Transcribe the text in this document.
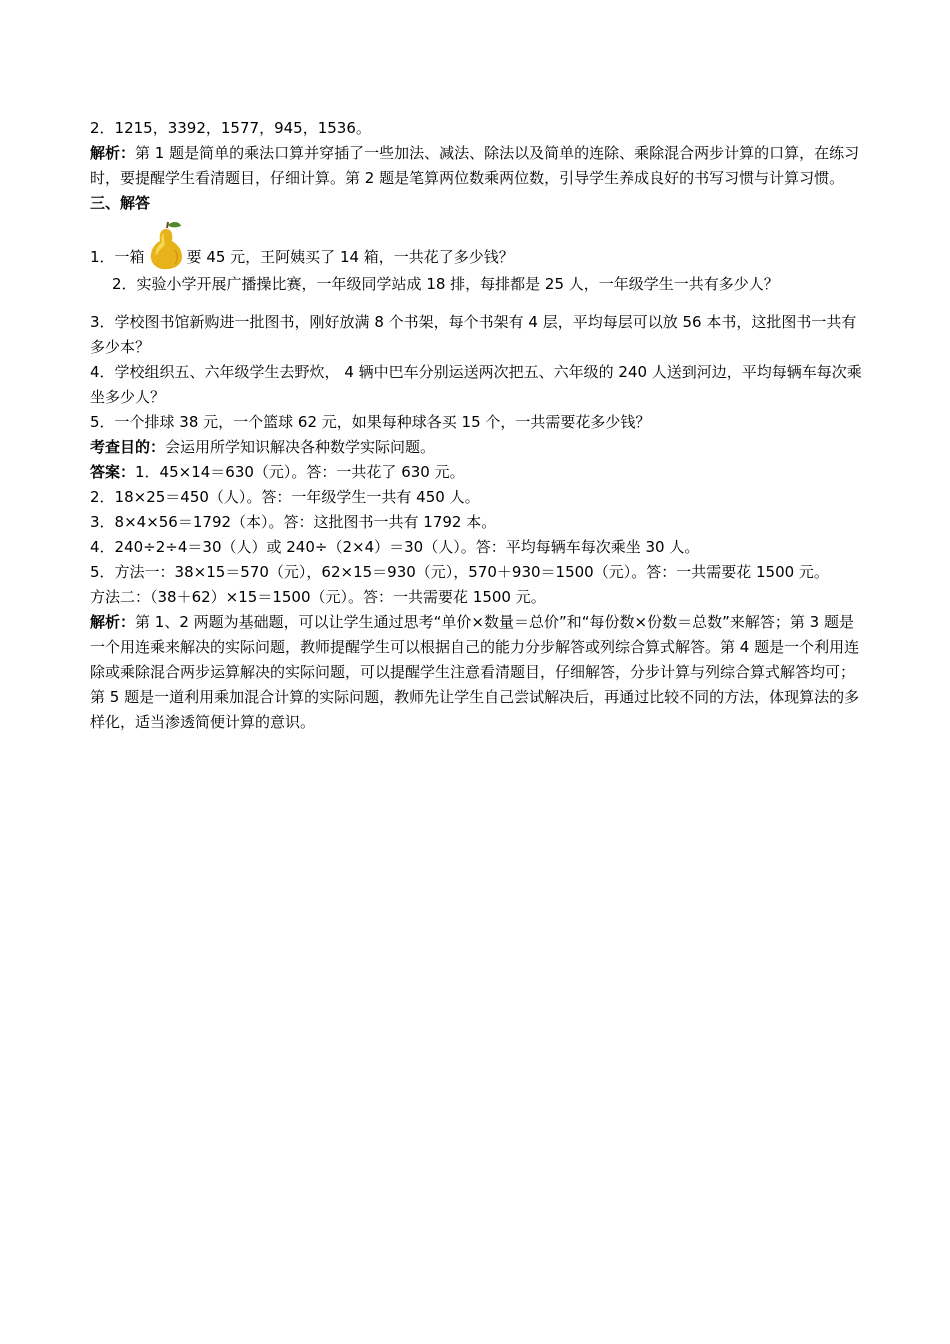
2．1215，3392，1577，945，1536。
解析：第 1 题是简单的乘法口算并穿插了一些加法、减法、除法以及简单的连除、乘除混合两步计算的口算，在练习时，要提醒学生看清题目，仔细计算。第 2 题是笔算两位数乘两位数，引导学生养成良好的书写习惯与计算习惯。
三、解答
1．一箱	要 45 元，王阿姨买了 14 箱，一共花了多少钱？
2．实验小学开展广播操比赛，一年级同学站成 18 排，每排都是 25 人，一年级学生一共有多少人？
3．学校图书馆新购进一批图书，刚好放满 8 个书架，每个书架有 4 层，平均每层可以放 56 本书，这批图书一共有多少本？
4．学校组织五、六年级学生去野炊， 4 辆中巴车分别运送两次把五、六年级的 240 人送到河边，平均每辆车每次乘坐多少人？
5．一个排球 38 元，一个篮球 62 元，如果每种球各买 15 个，一共需要花多少钱？
考查目的：会运用所学知识解决各种数学实际问题。
答案：1．45×14＝630（元）。答：一共花了 630 元。
2．18×25＝450（人）。答：一年级学生一共有 450 人。
3．8×4×56＝1792（本）。答：这批图书一共有 1792 本。
4．240÷2÷4＝30（人）或 240÷（2×4）＝30（人）。答：平均每辆车每次乘坐 30 人。
5．方法一：38×15＝570（元），62×15＝930（元），570＋930＝1500（元）。答：一共需要花 1500 元。
方法二：（38＋62）×15＝1500（元）。答：一共需要花 1500 元。
解析：第 1、2 两题为基础题，可以让学生通过思考“单价×数量＝总价”和“每份数×份数＝总数”来解答；第 3 题是一个用连乘来解决的实际问题，教师提醒学生可以根据自己的能力分步解答或列综合算式解答。第 4 题是一个利用连除或乘除混合两步运算解决的实际问题，可以提醒学生注意看清题目，仔细解答，分步计算与列综合算式解答均可；第 5 题是一道利用乘加混合计算的实际问题，教师先让学生自己尝试解决后，再通过比较不同的方法，体现算法的多样化，适当渗透简便计算的意识。
